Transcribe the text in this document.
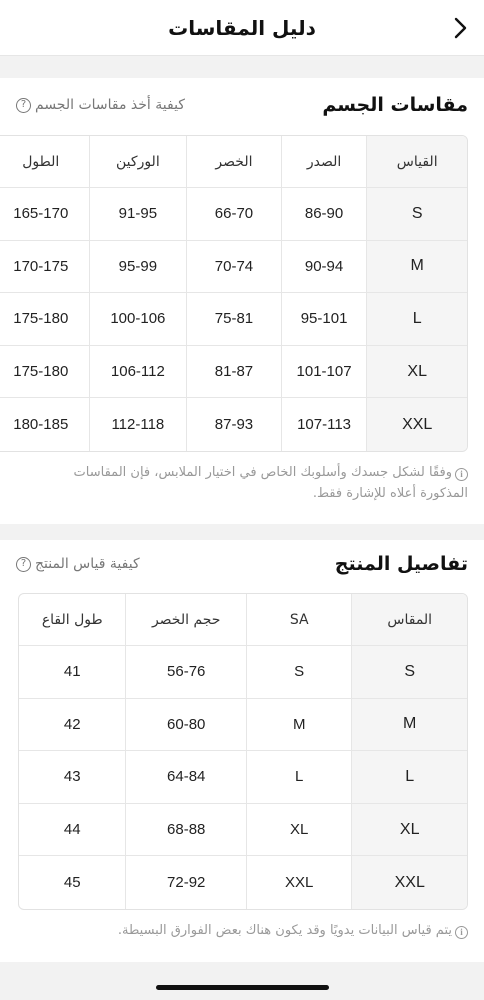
دليل المقاسات
مقاسات الجسم
كيفية أخذ مقاسات الجسم
?
الطول	الوركين	الخصر	الصدر	القياس
165-170	91-95	66-70	86-90	S
170-175	95-99	70-74	90-94	M
175-180	100-106	75-81	95-101	L
175-180	106-112	81-87	101-107	XL
180-185	112-118	87-93	107-113	XXL
iوفقًا لشكل جسدك وأسلوبك الخاص في اختيار الملابس، فإن المقاسات
المذكورة أعلاه للإشارة فقط.
تفاصيل المنتج
كيفية قياس المنتج
?
طول القاع	حجم الخصر	SA	المقاس
41	56-76	S	S
42	60-80	M	M
43	64-84	L	L
44	68-88	XL	XL
45	72-92	XXL	XXL
iيتم قياس البيانات يدويًا وقد يكون هناك بعض الفوارق البسيطة.
